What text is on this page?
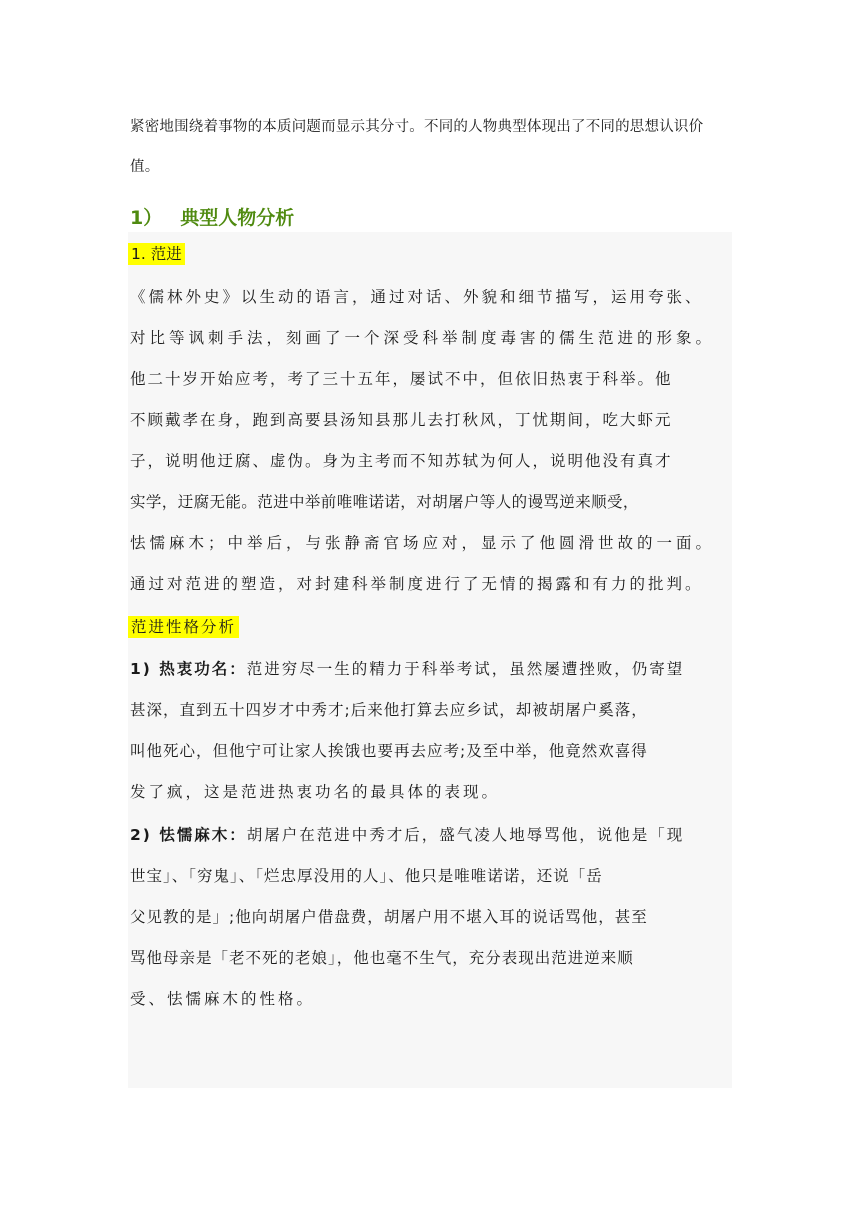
紧密地围绕着事物的本质问题而显示其分寸。不同的人物典型体现出了不同的思想认识价
值。
1） 典型人物分析
1. 范进
《儒林外史》以生动的语言，通过对话、外貌和细节描写，运用夸张、
对比等讽刺手法，刻画了一个深受科举制度毒害的儒生范进的形象。
他二十岁开始应考，考了三十五年，屡试不中，但依旧热衷于科举。他
不顾戴孝在身，跑到高要县汤知县那儿去打秋风，丁忧期间，吃大虾元
子，说明他迂腐、虚伪。身为主考而不知苏轼为何人，说明他没有真才
实学，迂腐无能。范进中举前唯唯诺诺，对胡屠户等人的谩骂逆来顺受，
怯懦麻木；中举后，与张静斋官场应对，显示了他圆滑世故的一面。
通过对范进的塑造，对封建科举制度进行了无情的揭露和有力的批判。
范进性格分析
1) 热衷功名：范进穷尽一生的精力于科举考试，虽然屡遭挫败，仍寄望
甚深，直到五十四岁才中秀才;后来他打算去应乡试，却被胡屠户奚落，
叫他死心，但他宁可让家人挨饿也要再去应考;及至中举，他竟然欢喜得
发了疯，这是范进热衷功名的最具体的表现。
2) 怯懦麻木：胡屠户在范进中秀才后，盛气凌人地辱骂他，说他是「现
世宝」、「穷鬼」、「烂忠厚没用的人」、他只是唯唯诺诺，还说「岳
父见教的是」;他向胡屠户借盘费，胡屠户用不堪入耳的说话骂他，甚至
骂他母亲是「老不死的老娘」，他也毫不生气，充分表现出范进逆来顺
受、怯懦麻木的性格。
